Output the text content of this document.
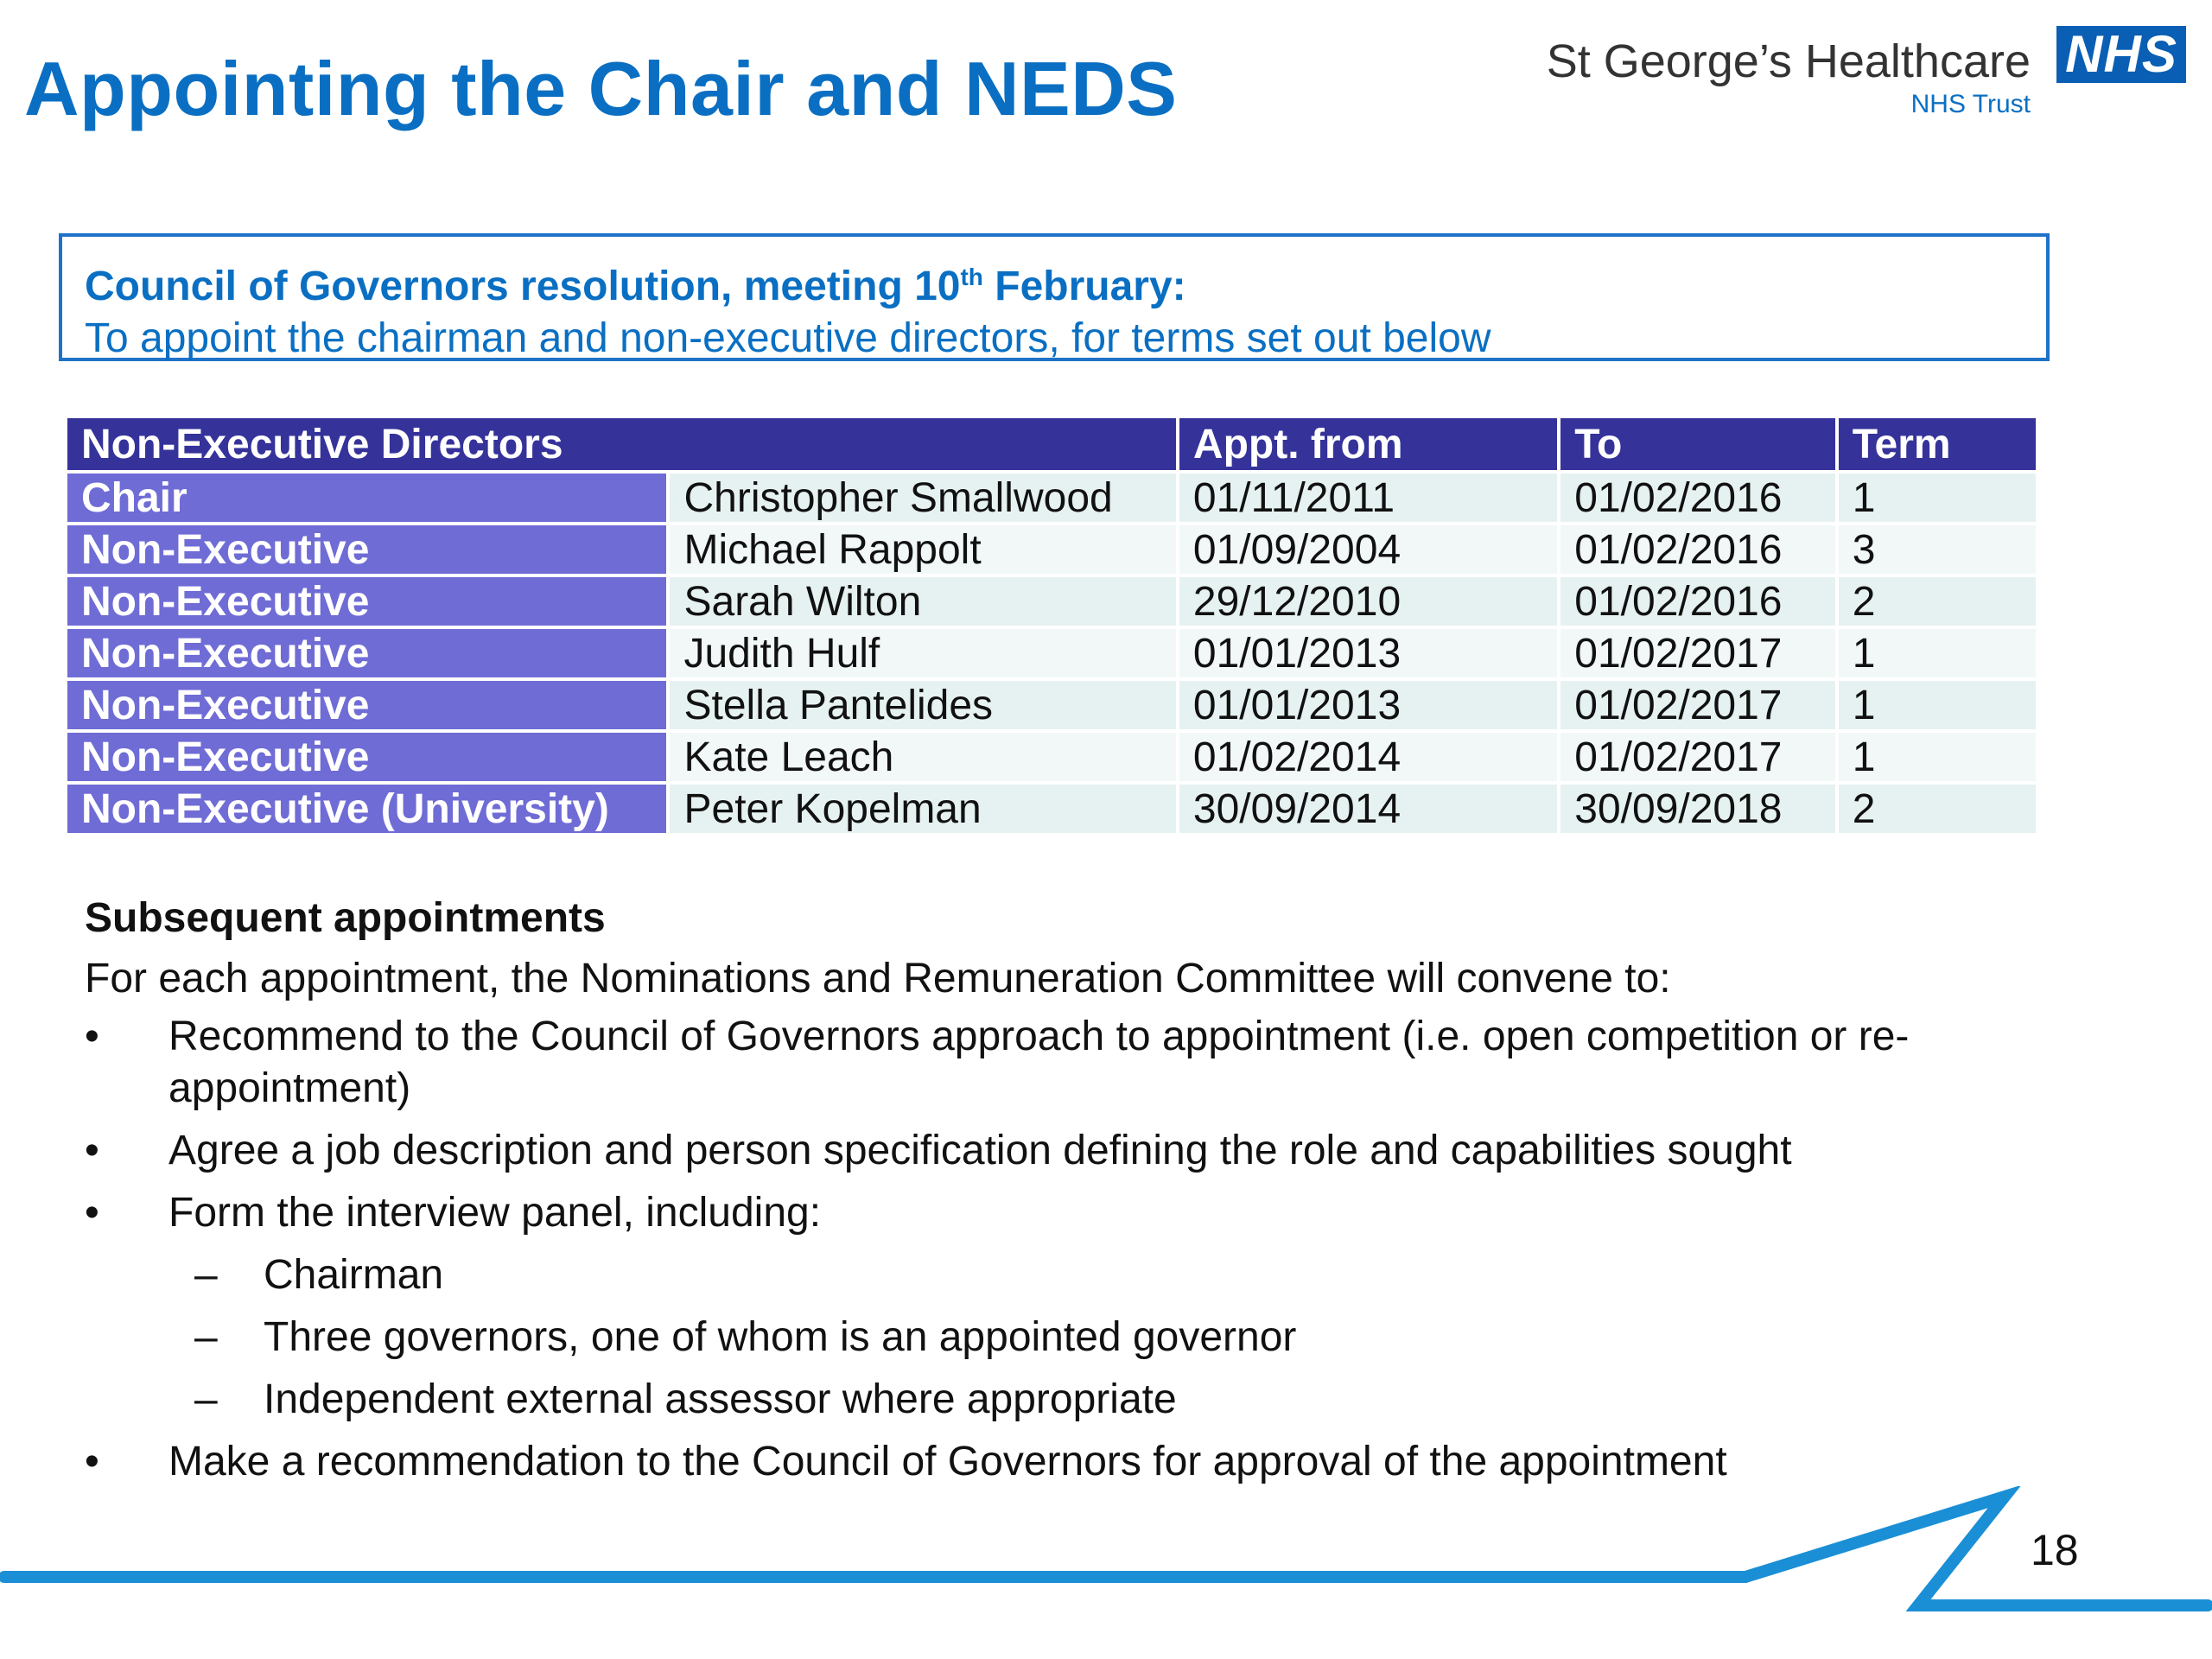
Appointing the Chair and NEDS	St George’s Healthcare
NHS Trust
NHS
Council of Governors resolution, meeting 10th February:
To appoint the chairman and non-executive directors, for terms set out below
Non-Executive Directors		Appt. from	To	Term
Chair	Christopher Smallwood	01/11/2011	01/02/2016	1
Non-Executive	Michael Rappolt	01/09/2004	01/02/2016	3
Non-Executive	Sarah Wilton	29/12/2010	01/02/2016	2
Non-Executive	Judith Hulf	01/01/2013	01/02/2017	1
Non-Executive	Stella Pantelides	01/01/2013	01/02/2017	1
Non-Executive	Kate Leach	01/02/2014	01/02/2017	1
Non-Executive (University)	Peter Kopelman	30/09/2014	30/09/2018	2
Subsequent appointments
For each appointment, the Nominations and Remuneration Committee will convene to:
• Recommend to the Council of Governors approach to appointment (i.e. open competition or re-appointment)
• Agree a job description and person specification defining the role and capabilities sought
• Form the interview panel, including:
– Chairman
– Three governors, one of whom is an appointed governor
– Independent external assessor where appropriate
• Make a recommendation to the Council of Governors for approval of the appointment
18
